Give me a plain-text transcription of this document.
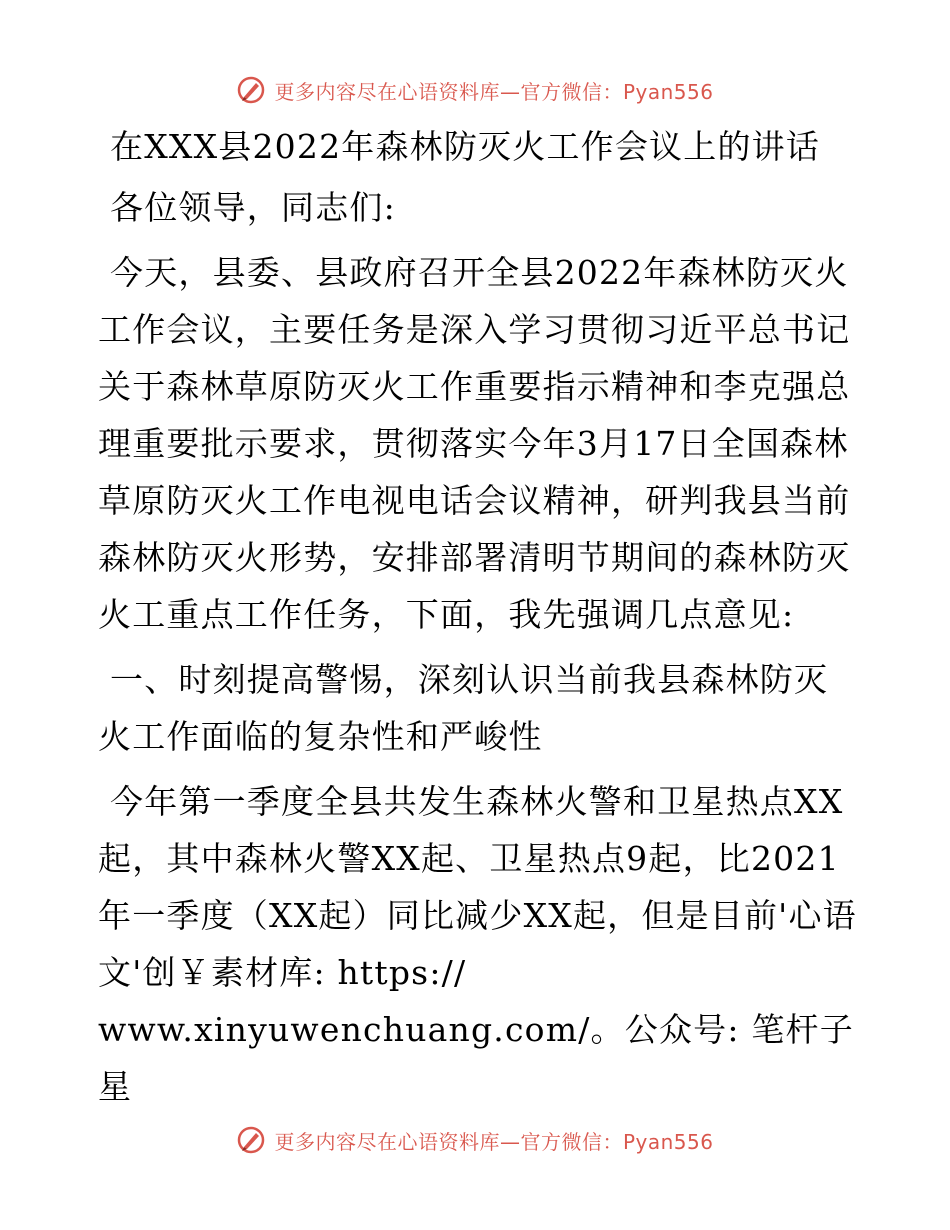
更多内容尽在心语资料库—官方微信：Pyan556

在XXX县2022年森林防灭火工作会议上的讲话

各位领导，同志们:

今天，县委、县政府召开全县2022年森林防灭火工作会议，主要任务是深入学习贯彻习近平总书记关于森林草原防灭火工作重要指示精神和李克强总理重要批示要求，贯彻落实今年3月17日全国森林草原防灭火工作电视电话会议精神，研判我县当前森林防灭火形势，安排部署清明节期间的森林防灭火工重点工作任务，下面，我先强调几点意见:

一、时刻提高警惕，深刻认识当前我县森林防灭火工作面临的复杂性和严峻性

今年第一季度全县共发生森林火警和卫星热点XX起，其中森林火警XX起、卫星热点9起，比2021年一季度（XX起）同比减少XX起，但是目前'心语文'创￥素材库: https://

www.xinyuwenchuang.com/。公众号: 笔杆子星

更多内容尽在心语资料库—官方微信：Pyan556
